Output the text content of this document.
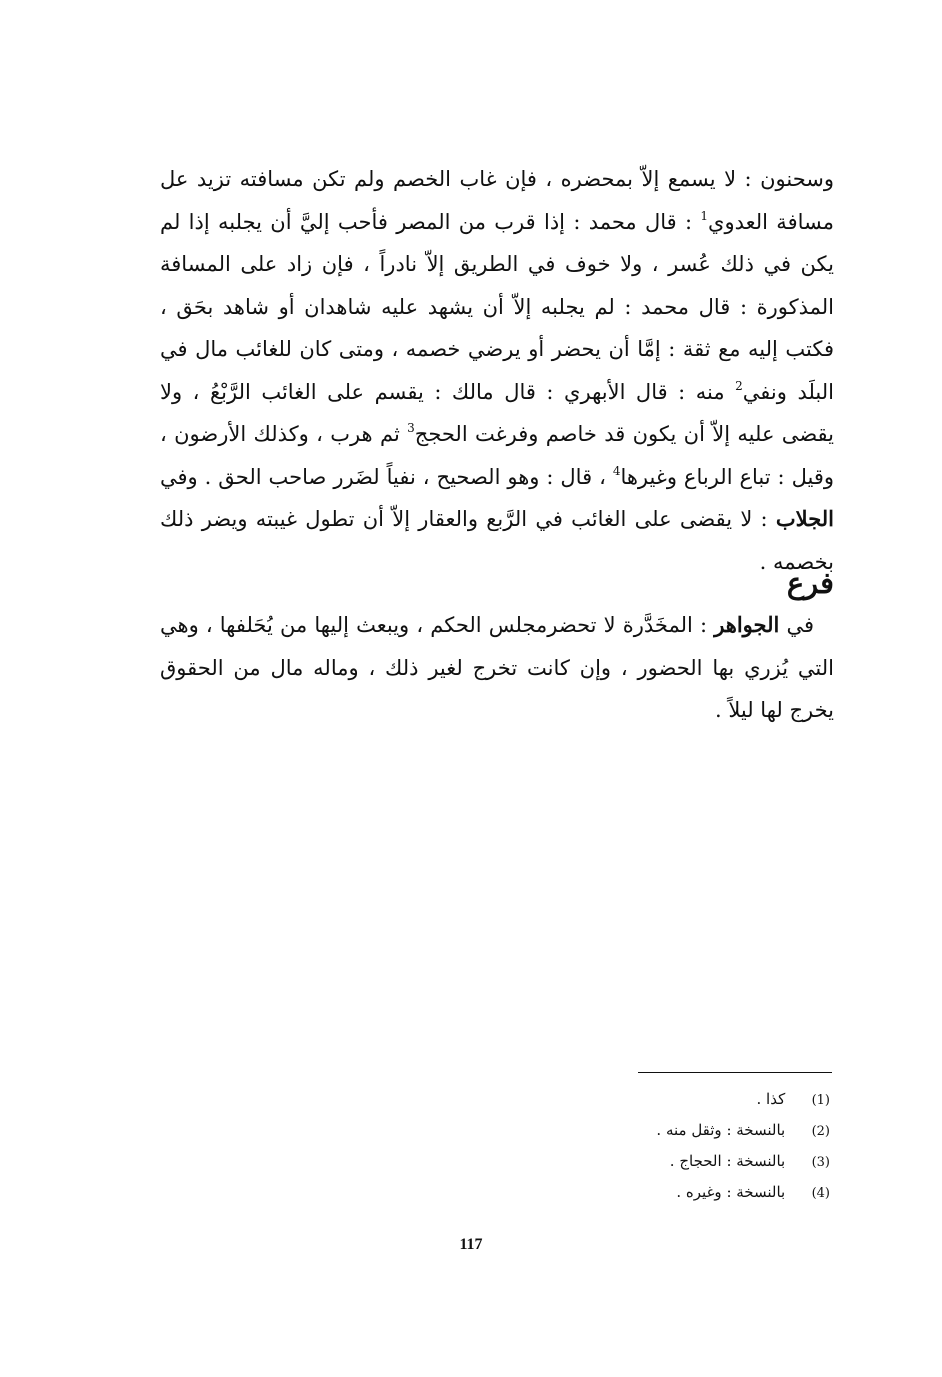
وسحنون : لا يسمع إلاّ بمحضره ، فإن غاب الخصم ولم تكن مسافته تزيد عل مسافة العدوي$^1$ : قال محمد : إذا قرب من المصر فأحب إليَّ أن يجلبه إذا لم يكن في ذلك عُسر ، ولا خوف في الطريق إلاّ نادراً ، فإن زاد على المسافة المذكورة : قال محمد : لم يجلبه إلاّ أن يشهد عليه شاهدان أو شاهد بحَق ، فكتب إليه مع ثقة : إمَّا أن يحضر أو يرضي خصمه ، ومتى كان للغائب مال في البلَد ونفي$^2$ منه : قال الأبهري : قال مالك : يقسم على الغائب الرَّبْعُ ، ولا يقضى عليه إلاّ أن يكون قد خاصم وفرغت الحجج$^3$ ثم هرب ، وكذلك الأرضون ، وقيل : تباع الرباع وغيرها$^4$ ، قال : وهو الصحيح ، نفياً لضَرر صاحب الحق . وفي الجلاب : لا يقضى على الغائب في الرَّبع والعقار إلاّ أن تطول غيبته ويضر ذلك بخصمه .

فرع

في الجواهر : المخَدَّرة لا تحضرمجلس الحكم ، ويبعث إليها من يُحَلفها ، وهي التي يُزري بها الحضور ، وإن كانت تخرج لغير ذلك ، وماله مال من الحقوق يخرج لها ليلاً .

(1) كذا .
(2) بالنسخة : وثقل منه .
(3) بالنسخة : الحجاج .
(4) بالنسخة : وغيره .
117
